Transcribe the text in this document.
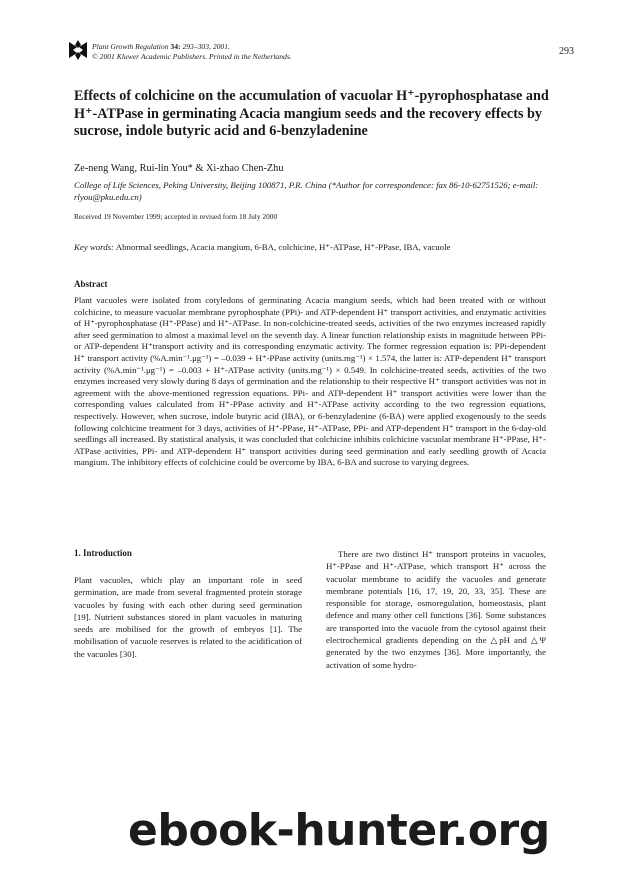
Plant Growth Regulation 34: 293–303, 2001.
© 2001 Kluwer Academic Publishers. Printed in the Netherlands.	293
Effects of colchicine on the accumulation of vacuolar H⁺-pyrophosphatase and H⁺-ATPase in germinating Acacia mangium seeds and the recovery effects by sucrose, indole butyric acid and 6-benzyladenine
Ze-neng Wang, Rui-lin You* & Xi-zhao Chen-Zhu
College of Life Sciences, Peking University, Beijing 100871, P.R. China (*Author for correspondence: fax 86-10-62751526; e-mail: rlyou@pku.edu.cn)
Received 19 November 1999; accepted in revised form 18 July 2000
Key words: Abnormal seedlings, Acacia mangium, 6-BA, colchicine, H⁺-ATPase, H⁺-PPase, IBA, vacuole
Abstract

Plant vacuoles were isolated from cotyledons of germinating Acacia mangium seeds, which had been treated with or without colchicine, to measure vacuolar membrane pyrophosphate (PPi)- and ATP-dependent H⁺ transport activities, and enzymatic activities of H⁺-pyrophosphatase (H⁺-PPase) and H⁺-ATPase. In non-colchicine-treated seeds, activities of the two enzymes increased rapidly after seed germination to almost a maximal level on the seventh day. A linear function relationship exists in magnitude between PPi- or ATP-dependent H⁺transport activity and its corresponding enzymatic activity. The former regression equation is: PPi-dependent H⁺ transport activity (%A.min⁻¹.μg⁻¹) = –0.039 + H⁺-PPase activity (units.mg⁻¹) × 1.574, the latter is: ATP-dependent H⁺ transport activity (%A.min⁻¹.μg⁻¹) = –0.003 + H⁺-ATPase activity (units.mg⁻¹) × 0.549. In colchicine-treated seeds, activities of the two enzymes increased very slowly during 8 days of germination and the relationship to their respective H⁺ transport activities was not in agreement with the above-mentioned regression equations. PPi- and ATP-dependent H⁺ transport activities were lower than the corresponding values calculated from H⁺-PPase activity and H⁺-ATPase activity according to the two regression equations, respectively. However, when sucrose, indole butyric acid (IBA), or 6-benzyladenine (6-BA) were applied exogenously to the seeds following colchicine treatment for 3 days, activities of H⁺-PPase, H⁺-ATPase, PPi- and ATP-dependent H⁺ transport in the 6-day-old seedlings all increased. By statistical analysis, it was concluded that colchicine inhibits colchicine vacuolar membrane H⁺-PPase, H⁺-ATPase activities, PPi- and ATP-dependent H⁺ transport activities during seed germination and early seedling growth of Acacia mangium. The inhibitory effects of colchicine could be overcome by IBA, 6-BA and sucrose to varying degrees.

1. Introduction

Plant vacuoles, which play an important role in seed germination, are made from several fragmented protein storage vacuoles by fusing with each other during seed germination [19]. Nutrient substances stored in plant vacuoles in maturing seeds are mobilised for the growth of embryos [1]. The mobilisation of vacuole reserves is related to the acidification of the vacuoles [30].

There are two distinct H⁺ transport proteins in vacuoles, H⁺-PPase and H⁺-ATPase, which transport H⁺ across the vacuolar membrane to acidify the vacuoles and generate membrane potentials [16, 17, 19, 20, 33, 35]. These are responsible for storage, osmoregulation, homeostasis, plant defence and many other cell functions [36]. Some substances are transported into the vacuole from the cytosol against their electrochemical gradients depending on the △pH and △Ψ generated by the two enzymes [36]. More importantly, the activation of some hydro-

ebook-hunter.org
